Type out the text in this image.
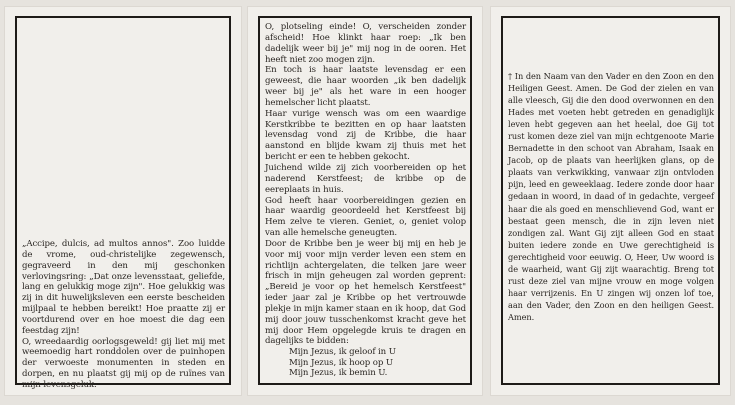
„Accipe, dulcis, ad multos annos". Zoo luidde de vrome, oud-christelijke zegewensch, gegraveerd in den mij geschonken verlovingsring: „Dat onze levensstaat, geliefde, lang en gelukkig moge zijn". Hoe gelukkig was zij in dit huwelijksleven een eerste bescheiden mijlpaal te hebben bereikt! Hoe praatte zij er voortdurend over en hoe moest die dag een feestdag zijn!

O, wreedaardig oorlogsgeweld! gij liet mij met weemoedig hart ronddolen over de puinhopen der verwoeste monumenten in steden en dorpen, en nu plaatst gij mij op de ruïnes van mijn levensgeluk.

O, plotseling einde! O, verscheiden zonder afscheid! Hoe klinkt haar roep: „Ik ben dadelijk weer bij je" mij nog in de ooren. Het heeft niet zoo mogen zijn.

En toch is haar laatste levensdag er een geweest, die haar woorden „ik ben dadelijk weer bij je" als het ware in een hooger hemelscher licht plaatst.

Haar vurige wensch was om een waardige Kerstkribbe te bezitten en op haar laatsten levensdag vond zij de Kribbe, die haar aanstond en blijde kwam zij thuis met het bericht er een te hebben gekocht.

Juichend wilde zij zich voorbereiden op het naderend Kerstfeest; de kribbe op de eereplaats in huis.

God heeft haar voorbereidingen gezien en haar waardig geoordeeld het Kerstfeest bij Hem zelve te vieren. Geniet, o, geniet volop van alle hemelsche geneugten.

Door de Kribbe ben je weer bij mij en heb je voor mij voor mijn verder leven een stem en richtlijn achtergelaten, die telken jare weer frisch in mijn geheugen zal worden geprent: „Bereid je voor op het hemelsch Kerstfeest" ieder jaar zal je Kribbe op het vertrouwde plekje in mijn kamer staan en ik hoop, dat God mij door jouw tusschenkomst kracht geve het mij door Hem opgelegde kruis te dragen en dagelijks te bidden:

Mijn Jezus, ik geloof in U
Mijn Jezus, ik hoop op U
Mijn Jezus, ik bemin U.

† In den Naam van den Vader en den Zoon en den Heiligen Geest. Amen. De God der zielen en van alle vleesch, Gij die den dood overwonnen en den Hades met voeten hebt getreden en genadiglijk leven hebt gegeven aan het heelal, doe Gij tot rust komen deze ziel van mijn echtgenoote Marie Bernadette in den schoot van Abraham, Isaak en Jacob, op de plaats van heerlijken glans, op de plaats van verkwikking, vanwaar zijn ontvloden pijn, leed en geweeklaag. Iedere zonde door haar gedaan in woord, in daad of in gedachte, vergeef haar die als goed en menschlievend God, want er bestaat geen mensch, die in zijn leven niet zondigen zal. Want Gij zijt alleen God en staat buiten iedere zonde en Uwe gerechtigheid is gerechtigheid voor eeuwig. O, Heer, Uw woord is de waarheid, want Gij zijt waarachtig. Breng tot rust deze ziel van mijne vrouw en moge volgen haar verrijzenis. En U zingen wij onzen lof toe, aan den Vader, den Zoon en den heiligen Geest. Amen.
